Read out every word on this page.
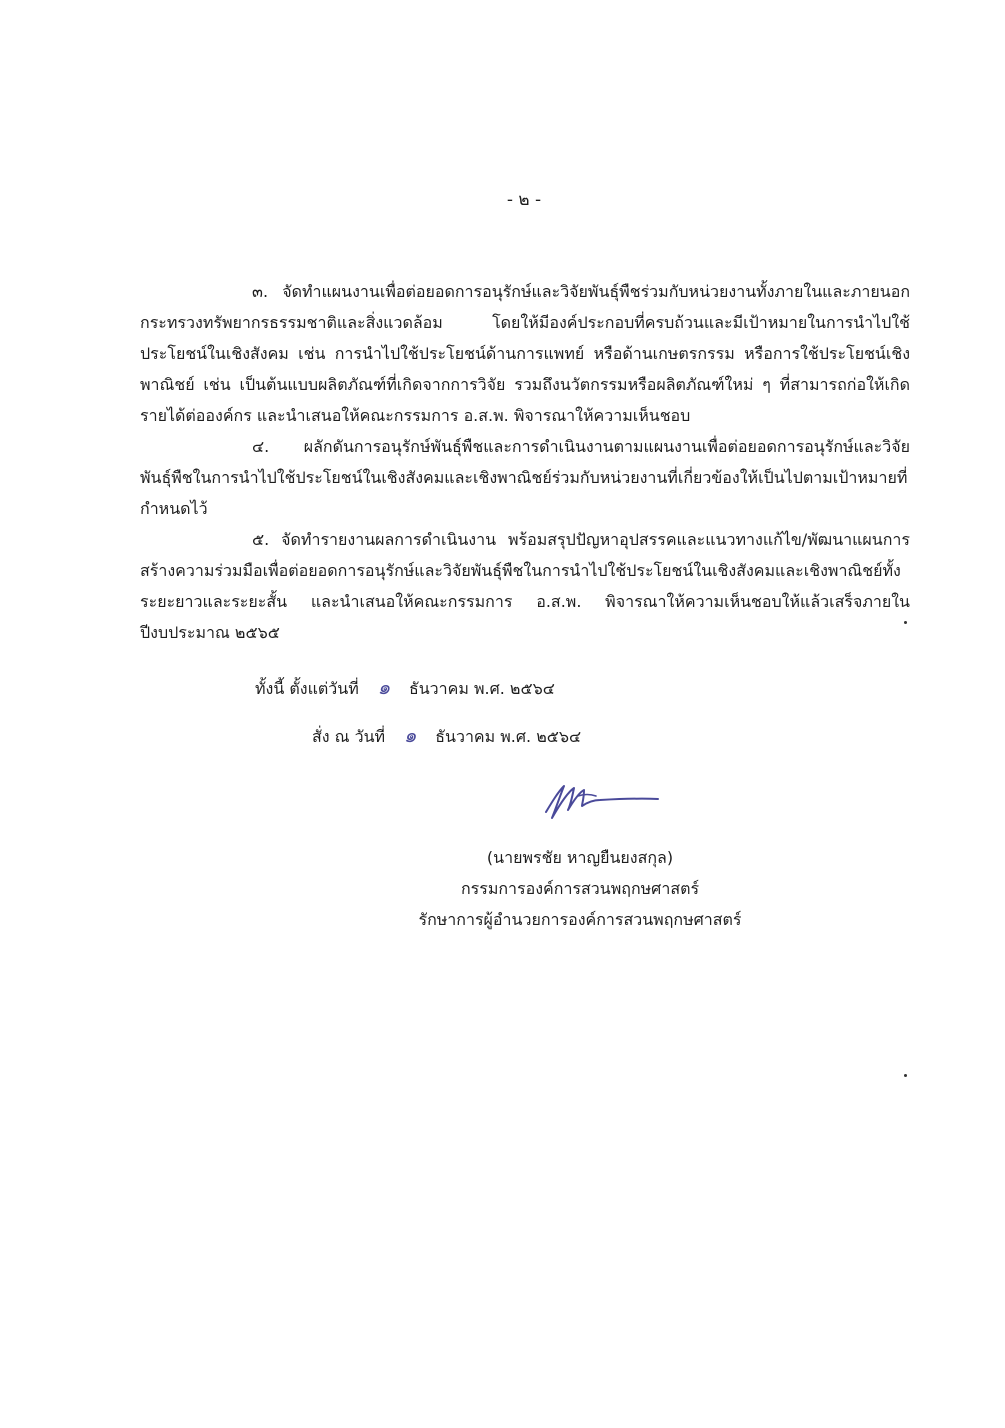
- ๒ -

๓. จัดทำแผนงานเพื่อต่อยอดการอนุรักษ์และวิจัยพันธุ์พืชร่วมกับหน่วยงานทั้งภายในและภายนอกกระทรวงทรัพยากรธรรมชาติและสิ่งแวดล้อม โดยให้มีองค์ประกอบที่ครบถ้วนและมีเป้าหมายในการนำไปใช้ประโยชน์ในเชิงสังคม เช่น การนำไปใช้ประโยชน์ด้านการแพทย์ หรือด้านเกษตรกรรม หรือการใช้ประโยชน์เชิงพาณิชย์ เช่น เป็นต้นแบบผลิตภัณฑ์ที่เกิดจากการวิจัย รวมถึงนวัตกรรมหรือผลิตภัณฑ์ใหม่ ๆ ที่สามารถก่อให้เกิดรายได้ต่อองค์กร และนำเสนอให้คณะกรรมการ อ.ส.พ. พิจารณาให้ความเห็นชอบ

๔. ผลักดันการอนุรักษ์พันธุ์พืชและการดำเนินงานตามแผนงานเพื่อต่อยอดการอนุรักษ์และวิจัยพันธุ์พืชในการนำไปใช้ประโยชน์ในเชิงสังคมและเชิงพาณิชย์ร่วมกับหน่วยงานที่เกี่ยวข้องให้เป็นไปตามเป้าหมายที่กำหนดไว้

๕. จัดทำรายงานผลการดำเนินงาน พร้อมสรุปปัญหาอุปสรรคและแนวทางแก้ไข/พัฒนาแผนการสร้างความร่วมมือเพื่อต่อยอดการอนุรักษ์และวิจัยพันธุ์พืชในการนำไปใช้ประโยชน์ในเชิงสังคมและเชิงพาณิชย์ทั้งระยะยาวและระยะสั้น และนำเสนอให้คณะกรรมการ อ.ส.พ. พิจารณาให้ความเห็นชอบให้แล้วเสร็จภายในปีงบประมาณ ๒๕๖๕

ทั้งนี้ ตั้งแต่วันที่ ๑ ธันวาคม พ.ศ. ๒๕๖๔
สั่ง ณ วันที่ ๑ ธันวาคม พ.ศ. ๒๕๖๔
(นายพรชัย หาญยืนยงสกุล)
กรรมการองค์การสวนพฤกษศาสตร์
รักษาการผู้อำนวยการองค์การสวนพฤกษศาสตร์
